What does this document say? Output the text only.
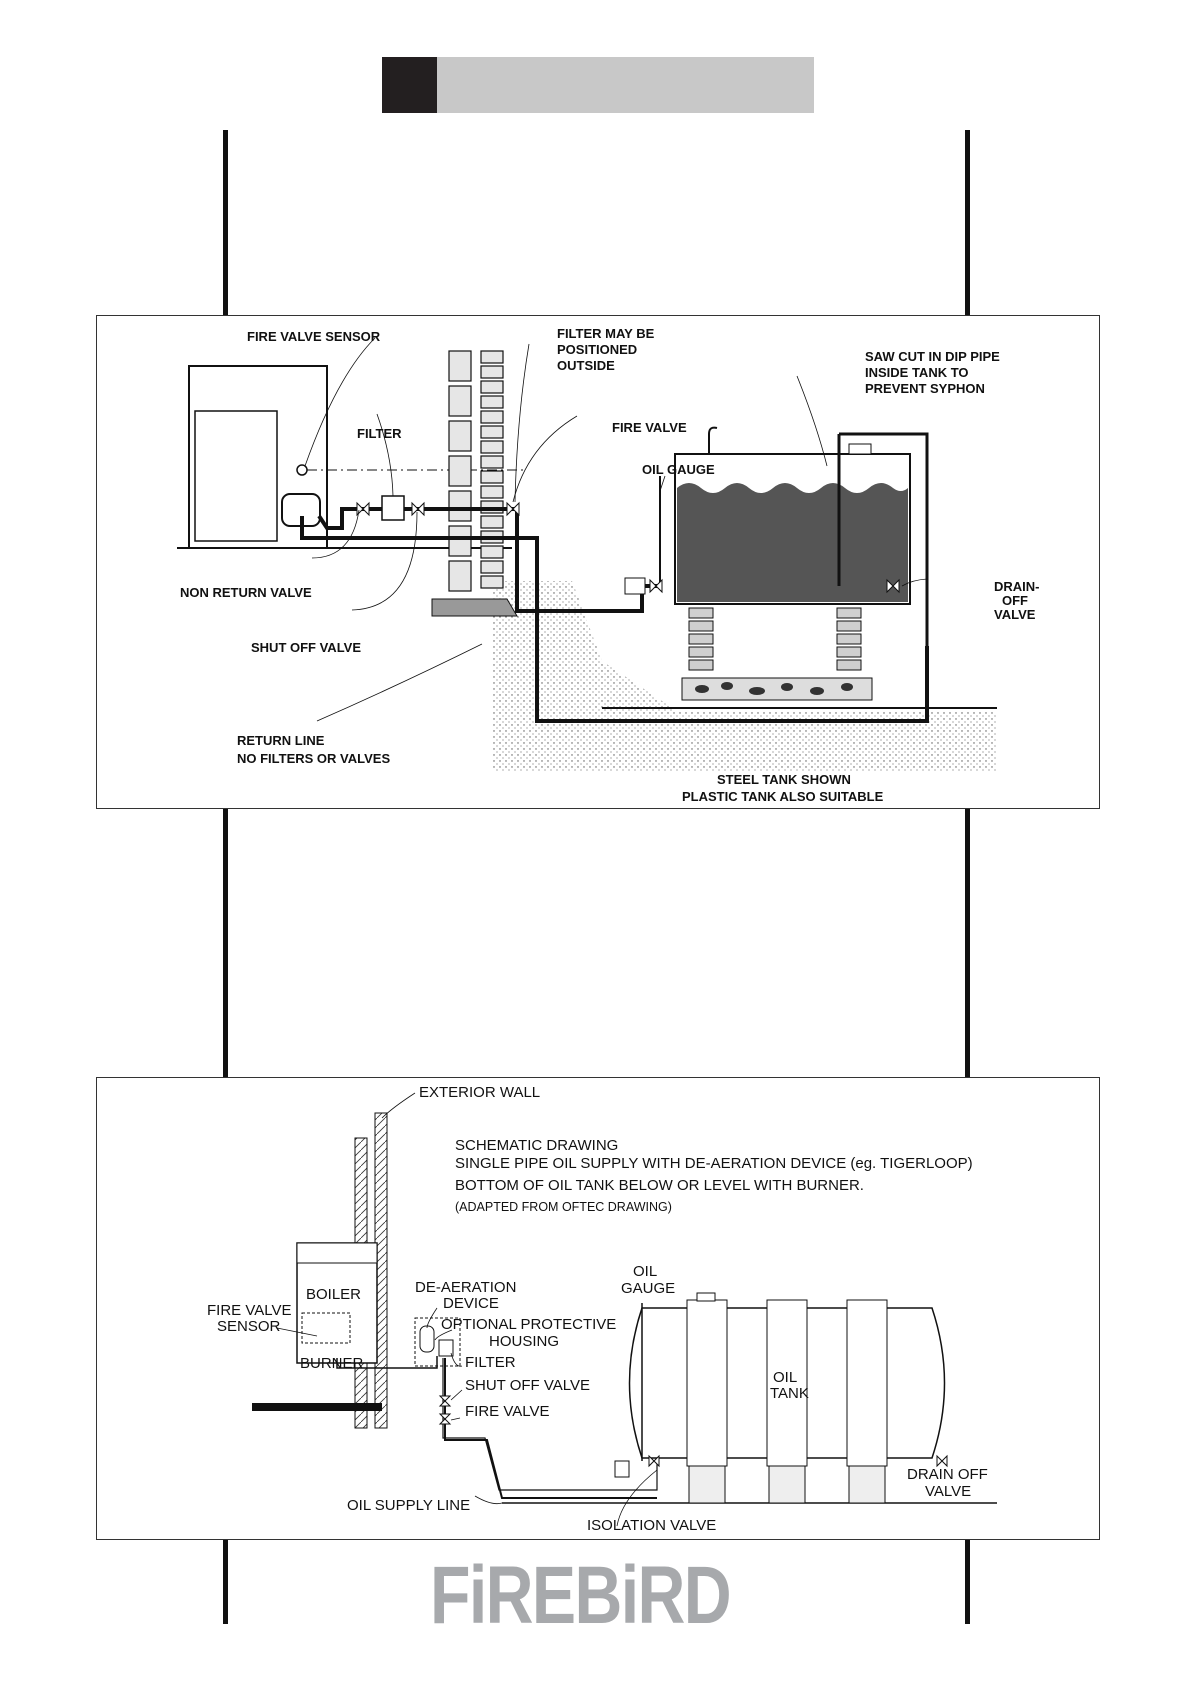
FIRE VALVE SENSOR	FILTER MAY BE
POSITIONED
OUTSIDE
SAW CUT IN DIP PIPE
INSIDE TANK TO
PREVENT SYPHON
FILTER	FIRE VALVE
OIL GAUGE
NON RETURN VALVE	DRAIN-
OFF
VALVE
SHUT OFF VALVE
RETURN LINE
NO FILTERS OR VALVES
STEEL TANK SHOWN
PLASTIC TANK ALSO SUITABLE
EXTERIOR WALL
SCHEMATIC DRAWING
SINGLE PIPE OIL SUPPLY WITH DE-AERATION DEVICE (eg. TIGERLOOP)
BOTTOM OF OIL TANK BELOW OR LEVEL WITH BURNER.
(ADAPTED FROM OFTEC DRAWING)
OIL
GAUGE
BOILER	DE-AERATION
DEVICE
FIRE VALVE
SENSOR	OPTIONAL PROTECTIVE
HOUSING
FILTER
BURNER
SHUT OFF VALVE	OIL
TANK
FIRE VALVE
DRAIN OFF
VALVE
OIL SUPPLY LINE
ISOLATION VALVE
FiREBiRD
